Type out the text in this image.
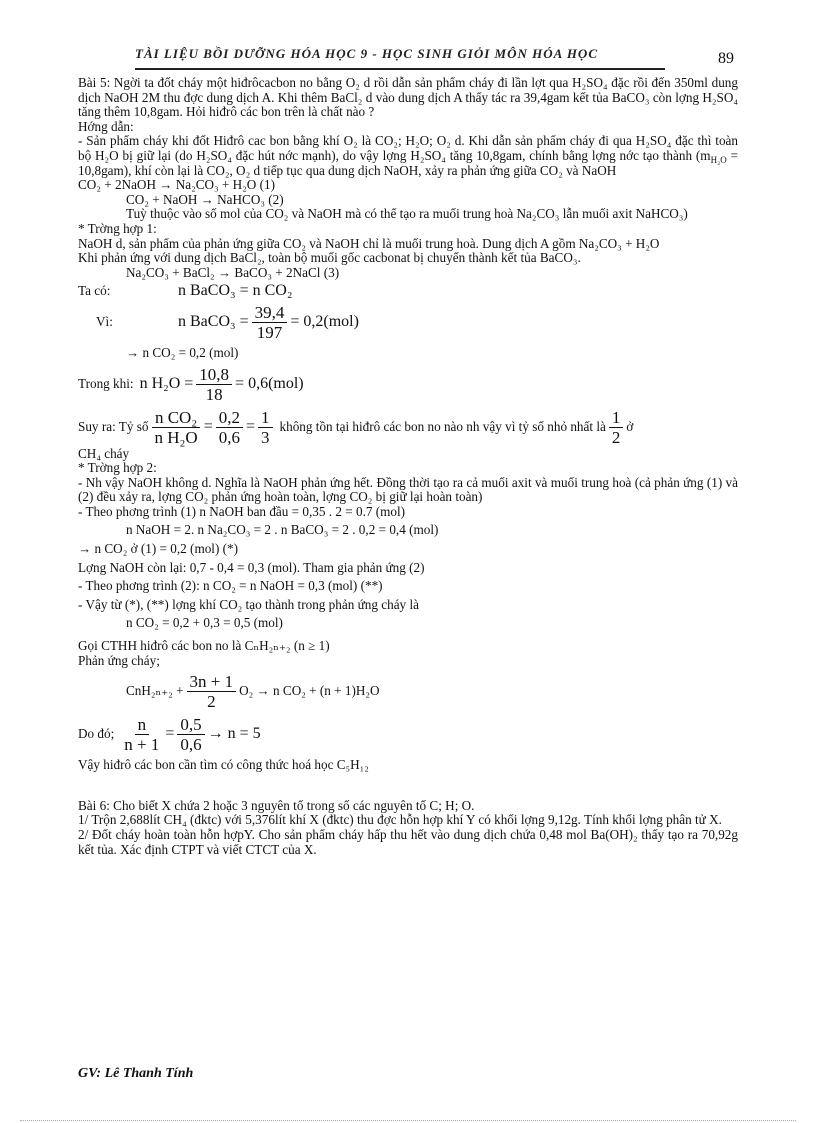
TÀI LIỆU BỒI DƯỠNG HÓA HỌC 9 - HỌC SINH GIỎI MÔN HÓA HỌC	89

Bài 5: Ngời ta đốt cháy một hiđrôcacbon no bằng O₂ d rồi dẫn sản phẩm cháy đi lần lợt qua H₂SO₄ đặc rồi đến 350ml dung dịch NaOH 2M thu đợc dung dịch A. Khi thêm BaCl₂ d vào dung dịch A thấy tác ra 39,4gam kết tủa BaCO₃ còn lợng H₂SO₄ tăng thêm 10,8gam. Hỏi hiđrô các bon trên là chất nào ?

Hớng dẫn:

- Sản phẩm cháy khi đốt Hiđrô cac bon bằng khí O₂ là CO₂; H₂O; O₂ d. Khi dẫn sản phẩm cháy đi qua H₂SO₄ đặc thì toàn bộ H₂O bị giữ lại (do H₂SO₄ đặc hút nớc mạnh), do vậy lợng H₂SO₄ tăng 10,8gam, chính bằng lợng nớc tạo thành $(m_{H_2O} = 10,8gam)$, khí còn lại là CO₂, O₂ d tiếp tục qua dung dịch NaOH, xảy ra phản ứng giữa CO₂ và NaOH

CO₂ + 2NaOH → Na₂CO₃ + H₂O (1)

CO₂ + NaOH → NaHCO₃ (2)

Tuỳ thuộc vào số mol của CO₂ và NaOH mà có thể tạo ra muối trung hoà Na₂CO₃ lẫn muối axit NaHCO₃)

* Trờng hợp 1:

NaOH d, sản phẩm của phản ứng giữa CO₂ và NaOH chỉ là muối trung hoà. Dung dịch A gồm Na₂CO₃ + H₂O

Khi phản ứng với dung dịch BaCl₂, toàn bộ muối gốc cacbonat bị chuyển thành kết tủa BaCO₃.

Na₂CO₃ + BaCl₂ → BaCO₃ + 2NaCl (3)

Ta có:	n BaCO₃ = n CO₂
Vì:	n BaCO₃ = $\frac{39,4}{197} = 0,2(mol)$

→ n CO₂ = 0,2 (mol)

Trong khi: n $H_2O = \frac{10,8}{18} = 0,6(mol)$
Suy ra: Tỷ số $\frac{\text{n CO₂}}{\text{n H₂O}} = \frac{0,2}{0,6} = \frac{1}{3}$ không tồn tại hiđrô các bon no nào nh vậy vì tỷ số nhỏ nhất là $\frac{1}{2}$ ở

CH₄ cháy

* Trờng hợp 2:

- Nh vậy NaOH không d. Nghĩa là NaOH phản ứng hết. Đồng thời tạo ra cả muối axit và muối trung hoà (cả phản ứng (1) và (2) đều xảy ra, lợng CO₂ phản ứng hoàn toàn, lợng CO₂ bị giữ lại hoàn toàn)

- Theo phơng trình (1) n NaOH ban đầu = 0,35 . 2 = 0.7 (mol)

n NaOH = 2. n Na₂CO₃ = 2 . n BaCO₃ = 2 . 0,2 = 0,4 (mol)

→ n CO₂ ở (1) = 0,2 (mol) (*)

Lợng NaOH còn lại: 0,7 - 0,4 = 0,3 (mol). Tham gia phản ứng (2)

- Theo phơng trình (2): n CO₂ = n NaOH = 0,3 (mol) (**)

- Vậy từ (*), (**) lợng khí CO₂ tạo thành trong phản ứng cháy là

n CO₂ = 0,2 + 0,3 = 0,5 (mol)

Gọi CTHH hiđrô các bon no là CₙH₂ₙ₊₂ (n ≥ 1)

Phản ứng cháy;

$CnH_{2n+2} + \frac{3n + 1}{2} O_2 \to n$ CO₂ + (n + 1)H₂O
Do đó; $\frac{n}{n + 1} = \frac{0,5}{0,6} \to n = 5$

Vậy hiđrô các bon cần tìm có công thức hoá học C₅H₁₂

Bài 6: Cho biết X chứa 2 hoặc 3 nguyên tố trong số các nguyên tố C; H; O.

1/ Trộn 2,688lít CH₄ (đktc) với 5,376lít khí X (đktc) thu đợc hỗn hợp khí Y có khối lợng 9,12g. Tính khối lợng phân tử X.

2/ Đốt cháy hoàn toàn hỗn hợpY. Cho sản phẩm cháy hấp thu hết vào dung dịch chứa 0,48 mol Ba(OH)₂ thấy tạo ra 70,92g kết tủa. Xác định CTPT và viết CTCT của X.

GV: Lê Thanh Tính
